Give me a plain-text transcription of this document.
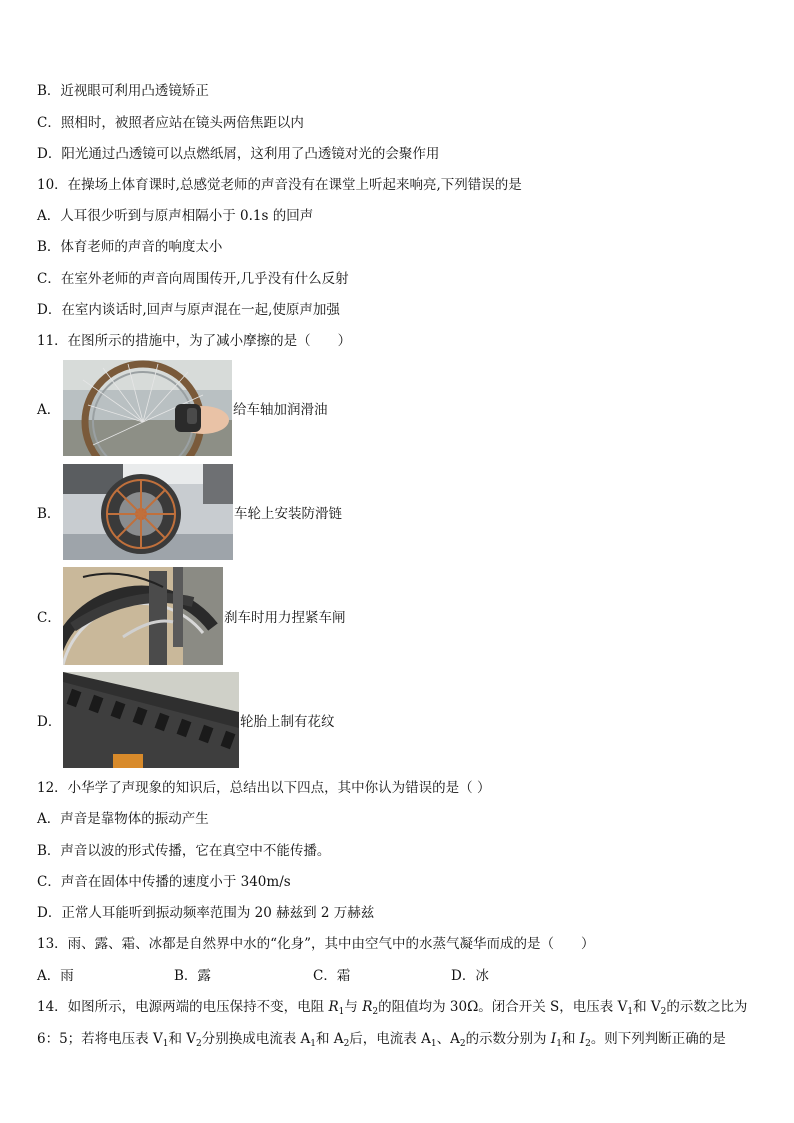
B．近视眼可利用凸透镜矫正
C．照相时，被照者应站在镜头两倍焦距以内
D．阳光通过凸透镜可以点燃纸屑，这利用了凸透镜对光的会聚作用
10．在操场上体育课时,总感觉老师的声音没有在课堂上听起来响亮,下列错误的是
A．人耳很少听到与原声相隔小于 0.1s 的回声
B．体育老师的声音的响度太小
C．在室外老师的声音向周围传开,几乎没有什么反射
D．在室内谈话时,回声与原声混在一起,使原声加强
11．在图所示的措施中，为了减小摩擦的是（　　）
A．	给车轴加润滑油
B．	车轮上安装防滑链
C．	刹车时用力捏紧车闸
D．	轮胎上制有花纹
12．小华学了声现象的知识后，总结出以下四点，其中你认为错误的是（ ）
A．声音是靠物体的振动产生
B．声音以波的形式传播，它在真空中不能传播。
C．声音在固体中传播的速度小于 340m/s
D．正常人耳能听到振动频率范围为 20 赫兹到 2 万赫兹
13．雨、露、霜、冰都是自然界中水的“化身”，其中由空气中的水蒸气凝华而成的是（　　）
A．雨	B．露	C．霜	D．冰
14．如图所示，电源两端的电压保持不变，电阻 $R_1$与 $R_2$的阻值均为 30Ω。闭合开关 S，电压表 $V_1$和 $V_2$的示数之比为
6：5；若将电压表 $V_1$和 $V_2$分别换成电流表 $A_1$和 $A_2$后，电流表 $A_1$、$A_2$的示数分别为 $I_1$和 $I_2$。则下列判断正确的是
